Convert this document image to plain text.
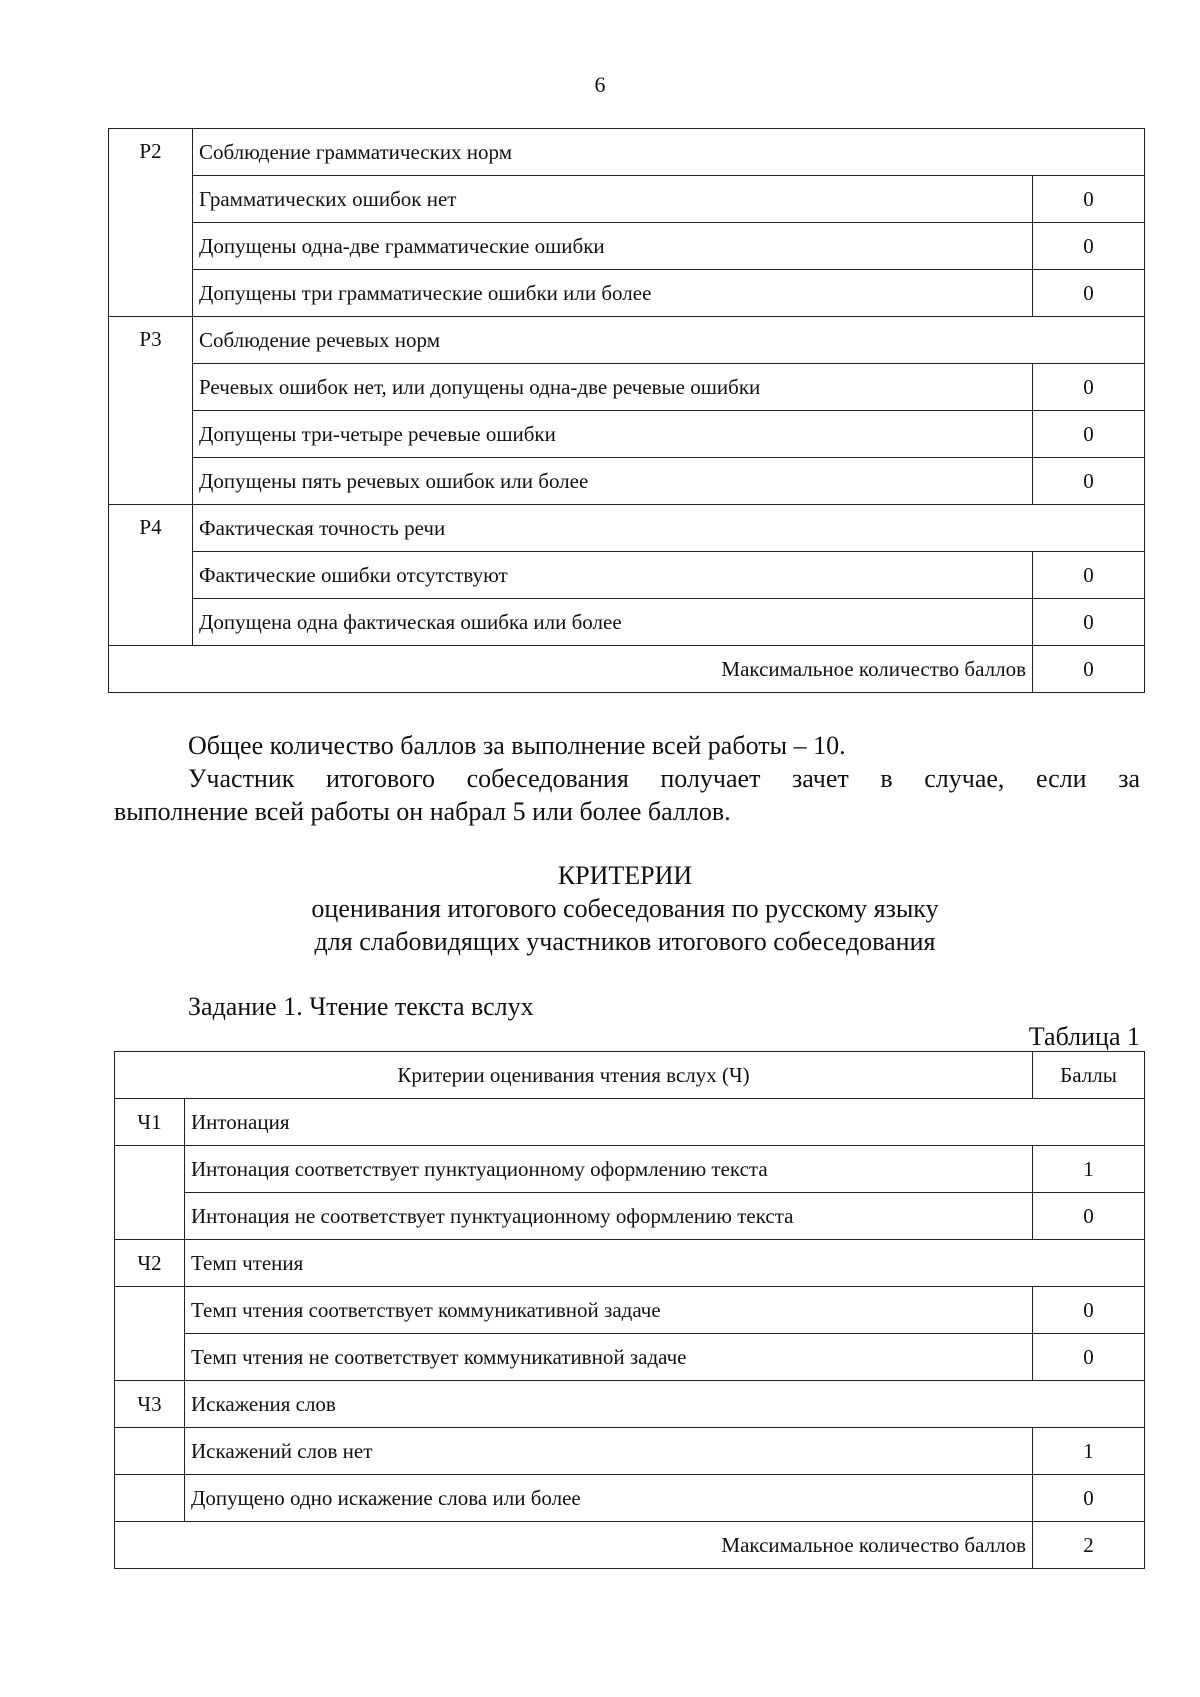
6
Р2	Соблюдение грамматических норм	
	Грамматических ошибок нет	0
	Допущены одна-две грамматические ошибки	0
	Допущены три грамматические ошибки или более	0
Р3	Соблюдение речевых норм	
	Речевых ошибок нет, или допущены одна-две речевые ошибки	0
	Допущены три-четыре речевые ошибки	0
	Допущены пять речевых ошибок или более	0
Р4	Фактическая точность речи	
	Фактические ошибки отсутствуют	0
	Допущена одна фактическая ошибка или более	0
Максимальное количество баллов		0
Общее количество баллов за выполнение всей работы – 10.
Участник итогового собеседования получает зачет в случае, если за
выполнение всей работы он набрал 5 или более баллов.
КРИТЕРИИ
оценивания итогового собеседования по русскому языку
для слабовидящих участников итогового собеседования
Задание 1. Чтение текста вслух
Таблица 1
Критерии оценивания чтения вслух (Ч)		Баллы
Ч1	Интонация	
	Интонация соответствует пунктуационному оформлению текста	1
	Интонация не соответствует пунктуационному оформлению текста	0
Ч2	Темп чтения	
	Темп чтения соответствует коммуникативной задаче	0
	Темп чтения не соответствует коммуникативной задаче	0
Ч3	Искажения слов	
	Искажений слов нет	1
	Допущено одно искажение слова или более	0
Максимальное количество баллов		2
